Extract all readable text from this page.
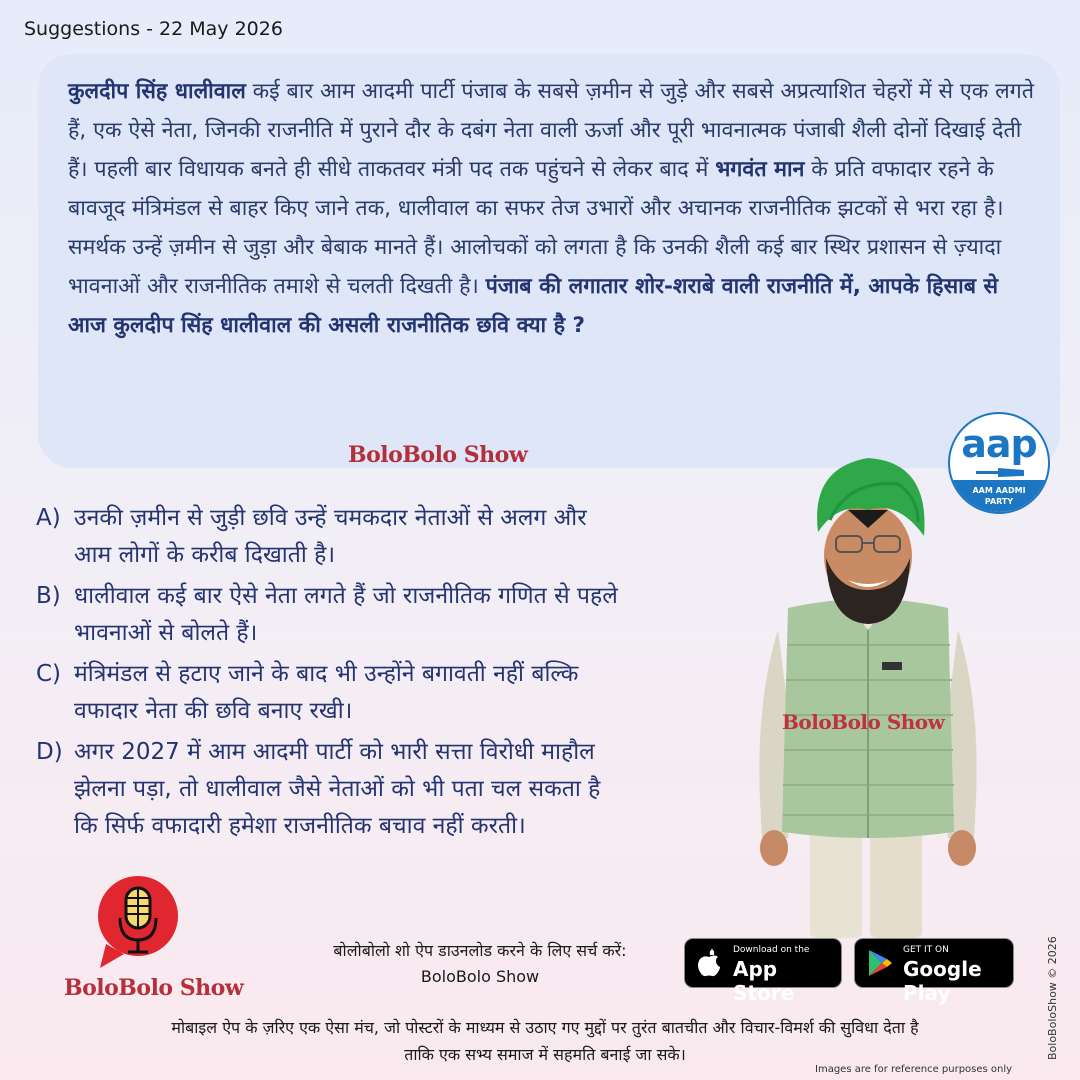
Suggestions - 22 May 2026
कुलदीप सिंह धालीवाल कई बार आम आदमी पार्टी पंजाब के सबसे ज़मीन से जुड़े और सबसे अप्रत्याशित चेहरों में से एक लगते हैं, एक ऐसे नेता, जिनकी राजनीति में पुराने दौर के दबंग नेता वाली ऊर्जा और पूरी भावनात्मक पंजाबी शैली दोनों दिखाई देती हैं। पहली बार विधायक बनते ही सीधे ताकतवर मंत्री पद तक पहुंचने से लेकर बाद में भगवंत मान के प्रति वफादार रहने के बावजूद मंत्रिमंडल से बाहर किए जाने तक, धालीवाल का सफर तेज उभारों और अचानक राजनीतिक झटकों से भरा रहा है। समर्थक उन्हें ज़मीन से जुड़ा और बेबाक मानते हैं। आलोचकों को लगता है कि उनकी शैली कई बार स्थिर प्रशासन से ज़्यादा भावनाओं और राजनीतिक तमाशे से चलती दिखती है। पंजाब की लगातार शोर-शराबे वाली राजनीति में, आपके हिसाब से आज कुलदीप सिंह धालीवाल की असली राजनीतिक छवि क्या है ?
BoloBolo Show	aap
AAM AADMI
PARTY
A) उनकी ज़मीन से जुड़ी छवि उन्हें चमकदार नेताओं से अलग और
आम लोगों के करीब दिखाती है।
B) धालीवाल कई बार ऐसे नेता लगते हैं जो राजनीतिक गणित से पहले
भावनाओं से बोलते हैं।
C) मंत्रिमंडल से हटाए जाने के बाद भी उन्होंने बगावती नहीं बल्कि
वफादार नेता की छवि बनाए रखी।
D) अगर 2027 में आम आदमी पार्टी को भारी सत्ता विरोधी माहौल
झेलना पड़ा, तो धालीवाल जैसे नेताओं को भी पता चल सकता है
कि सिर्फ वफादारी हमेशा राजनीतिक बचाव नहीं करती।
BoloBolo Show
BoloBolo Show
बोलोबोलो शो ऐप डाउनलोड करने के लिए सर्च करें:
BoloBolo Show
Download on the
App Store
GET IT ON
Google Play
मोबाइल ऐप के ज़रिए एक ऐसा मंच, जो पोस्टरों के माध्यम से उठाए गए मुद्दों पर तुरंत बातचीत और विचार-विमर्श की सुविधा देता है
ताकि एक सभ्य समाज में सहमति बनाई जा सके।
Images are for reference purposes only
BoloBoloShow © 2026
